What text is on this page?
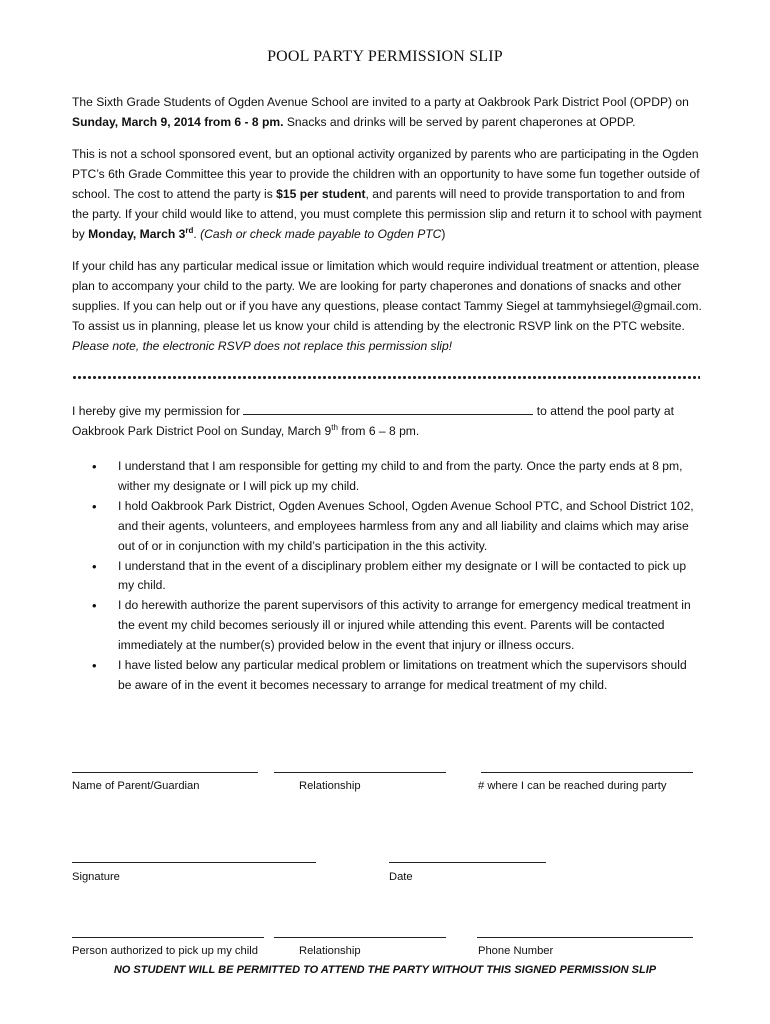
POOL PARTY PERMISSION SLIP

The Sixth Grade Students of Ogden Avenue School are invited to a party at Oakbrook Park District Pool (OPDP) on Sunday, March 9, 2014 from 6 - 8 pm. Snacks and drinks will be served by parent chaperones at OPDP.

This is not a school sponsored event, but an optional activity organized by parents who are participating in the Ogden PTC’s 6th Grade Committee this year to provide the children with an opportunity to have some fun together outside of school. The cost to attend the party is $15 per student, and parents will need to provide transportation to and from the party. If your child would like to attend, you must complete this permission slip and return it to school with payment by Monday, March 3rd. (Cash or check made payable to Ogden PTC)

If your child has any particular medical issue or limitation which would require individual treatment or attention, please plan to accompany your child to the party. We are looking for party chaperones and donations of snacks and other supplies. If you can help out or if you have any questions, please contact Tammy Siegel at tammyhsiegel@gmail.com. To assist us in planning, please let us know your child is attending by the electronic RSVP link on the PTC website. Please note, the electronic RSVP does not replace this permission slip!

I hereby give my permission for	to attend the pool party at Oakbrook Park District Pool on Sunday, March 9th from 6 – 8 pm.

• I understand that I am responsible for getting my child to and from the party. Once the party ends at 8 pm, wither my designate or I will pick up my child.
• I hold Oakbrook Park District, Ogden Avenues School, Ogden Avenue School PTC, and School District 102, and their agents, volunteers, and employees harmless from any and all liability and claims which may arise out of or in conjunction with my child’s participation in the this activity.
• I understand that in the event of a disciplinary problem either my designate or I will be contacted to pick up my child.
• I do herewith authorize the parent supervisors of this activity to arrange for emergency medical treatment in the event my child becomes seriously ill or injured while attending this event. Parents will be contacted immediately at the number(s) provided below in the event that injury or illness occurs.
• I have listed below any particular medical problem or limitations on treatment which the supervisors should be aware of in the event it becomes necessary to arrange for medical treatment of my child.
Name of Parent/Guardian	Relationship	# where I can be reached during party
Signature	Date
Person authorized to pick up my child	Relationship	Phone Number
NO STUDENT WILL BE PERMITTED TO ATTEND THE PARTY WITHOUT THIS SIGNED PERMISSION SLIP
